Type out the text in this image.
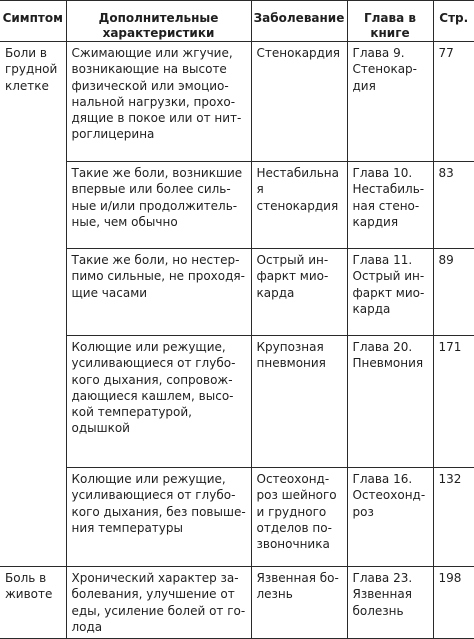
Симптом	Дополнительные характеристики	Заболевание	Глава в книге	Стр.
Боли в грудной клетке	Сжимающие или жгучие, возникающие на высоте физической или эмоцио-нальной нагрузки, прохо-дящие в покое или от нит-роглицерина	Стенокардия	Глава 9. Стенокар-дия	77
	Такие же боли, возникшие впервые или более силь-ные и/или продолжитель-ные, чем обычно	Нестабильная стенокардия	Глава 10. Нестабиль-ная стено-кардия	83
	Такие же боли, но нестер-пимо сильные, не проходя-щие часами	Острый ин-фаркт мио-карда	Глава 11. Острый ин-фаркт мио-карда	89
	Колющие или режущие, усиливающиеся от глубо-кого дыхания, сопровож-дающиеся кашлем, высо-кой температурой, одышкой	Крупозная пневмония	Глава 20. Пневмония	171
	Колющие или режущие, усиливающиеся от глубо-кого дыхания, без повыше-ния температуры	Остеохонд-роз шейного и грудного отделов по-звоночника	Глава 16. Остеохонд-роз	132
Боль в животе	Хронический характер за-болевания, улучшение от еды, усиление болей от го-лода	Язвенная бо-лезнь	Глава 23. Язвенная болезнь	198
